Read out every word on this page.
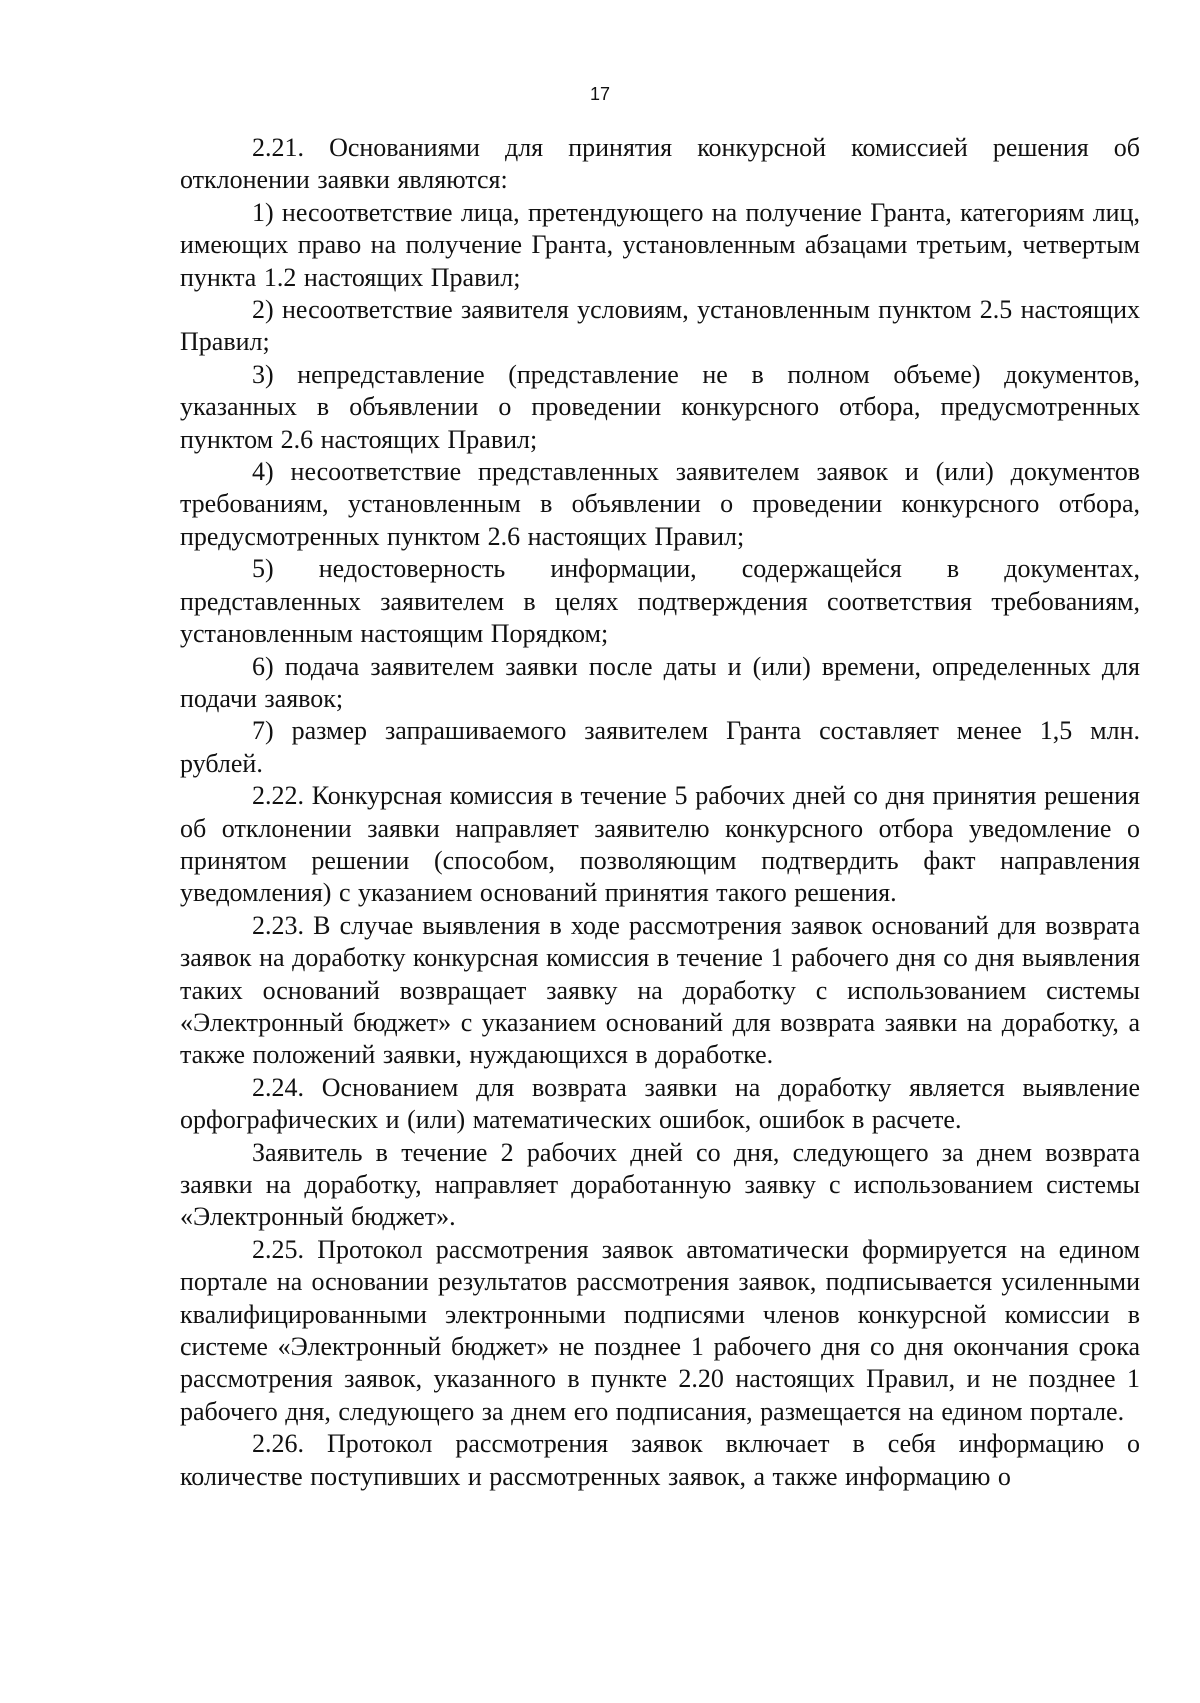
17

2.21. Основаниями для принятия конкурсной комиссией решения об отклонении заявки являются:

1) несоответствие лица, претендующего на получение Гранта, категориям лиц, имеющих право на получение Гранта, установленным абзацами третьим, четвертым пункта 1.2 настоящих Правил;

2) несоответствие заявителя условиям, установленным пунктом 2.5 настоящих Правил;

3) непредставление (представление не в полном объеме) документов, указанных в объявлении о проведении конкурсного отбора, предусмотренных пунктом 2.6 настоящих Правил;

4) несоответствие представленных заявителем заявок и (или) документов требованиям, установленным в объявлении о проведении конкурсного отбора, предусмотренных пунктом 2.6 настоящих Правил;

5) недостоверность информации, содержащейся в документах, представленных заявителем в целях подтверждения соответствия требованиям, установленным настоящим Порядком;

6) подача заявителем заявки после даты и (или) времени, определенных для подачи заявок;

7) размер запрашиваемого заявителем Гранта составляет менее 1,5 млн. рублей.

2.22. Конкурсная комиссия в течение 5 рабочих дней со дня принятия решения об отклонении заявки направляет заявителю конкурсного отбора уведомление о принятом решении (способом, позволяющим подтвердить факт направления уведомления) с указанием оснований принятия такого решения.

2.23. В случае выявления в ходе рассмотрения заявок оснований для возврата заявок на доработку конкурсная комиссия в течение 1 рабочего дня со дня выявления таких оснований возвращает заявку на доработку с использованием системы «Электронный бюджет» с указанием оснований для возврата заявки на доработку, а также положений заявки, нуждающихся в доработке.

2.24. Основанием для возврата заявки на доработку является выявление орфографических и (или) математических ошибок, ошибок в расчете.

Заявитель в течение 2 рабочих дней со дня, следующего за днем возврата заявки на доработку, направляет доработанную заявку с использованием системы «Электронный бюджет».

2.25. Протокол рассмотрения заявок автоматически формируется на едином портале на основании результатов рассмотрения заявок, подписывается усиленными квалифицированными электронными подписями членов конкурсной комиссии в системе «Электронный бюджет» не позднее 1 рабочего дня со дня окончания срока рассмотрения заявок, указанного в пункте 2.20 настоящих Правил, и не позднее 1 рабочего дня, следующего за днем его подписания, размещается на едином портале.

2.26. Протокол рассмотрения заявок включает в себя информацию о количестве поступивших и рассмотренных заявок, а также информацию о
